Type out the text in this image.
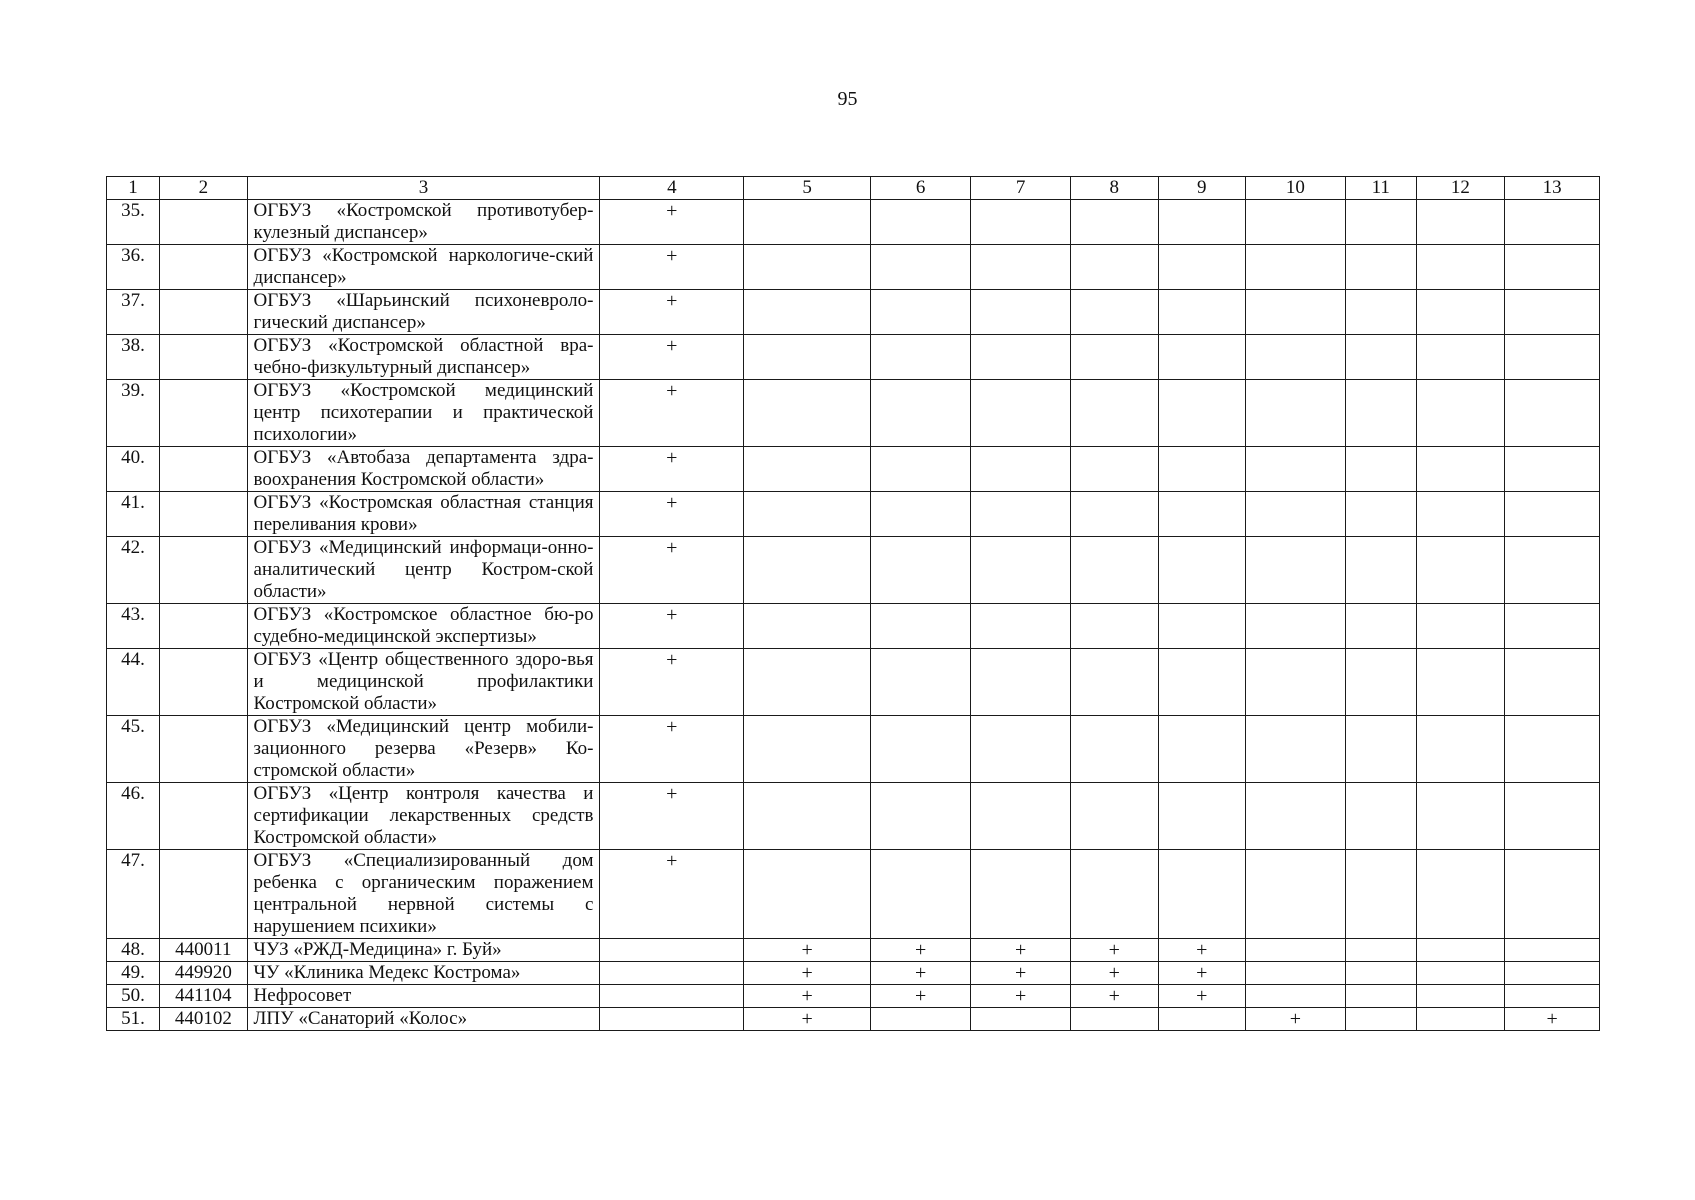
95
1	2	3	4	5	6	7	8	9	10	11	12	13
35.		ОГБУЗ «Костромской противотубер-кулезный диспансер»	+									
36.		ОГБУЗ «Костромской наркологиче-ский диспансер»	+									
37.		ОГБУЗ «Шарьинский психоневроло-гический диспансер»	+									
38.		ОГБУЗ «Костромской областной вра-чебно-физкультурный диспансер»	+									
39.		ОГБУЗ «Костромской медицинский центр психотерапии и практической психологии»	+									
40.		ОГБУЗ «Автобаза департамента здра-воохранения Костромской области»	+									
41.		ОГБУЗ «Костромская областная станция переливания крови»	+									
42.		ОГБУЗ «Медицинский информаци-онно-аналитический центр Костром-ской области»	+									
43.		ОГБУЗ «Костромское областное бю-ро судебно-медицинской экспертизы»	+									
44.		ОГБУЗ «Центр общественного здоро-вья и медицинской профилактики Костромской области»	+									
45.		ОГБУЗ «Медицинский центр мобили-зационного резерва «Резерв» Ко-стромской области»	+									
46.		ОГБУЗ «Центр контроля качества и сертификации лекарственных средств Костромской области»	+									
47.		ОГБУЗ «Специализированный дом ребенка с органическим поражением центральной нервной системы с нарушением психики»	+									
48.	440011	ЧУЗ «РЖД-Медицина» г. Буй»		+	+	+	+	+				
49.	449920	ЧУ «Клиника Медекс Кострома»		+	+	+	+	+				
50.	441104	Нефросовет		+	+	+	+	+				
51.	440102	ЛПУ «Санаторий «Колос»		+					+			+
